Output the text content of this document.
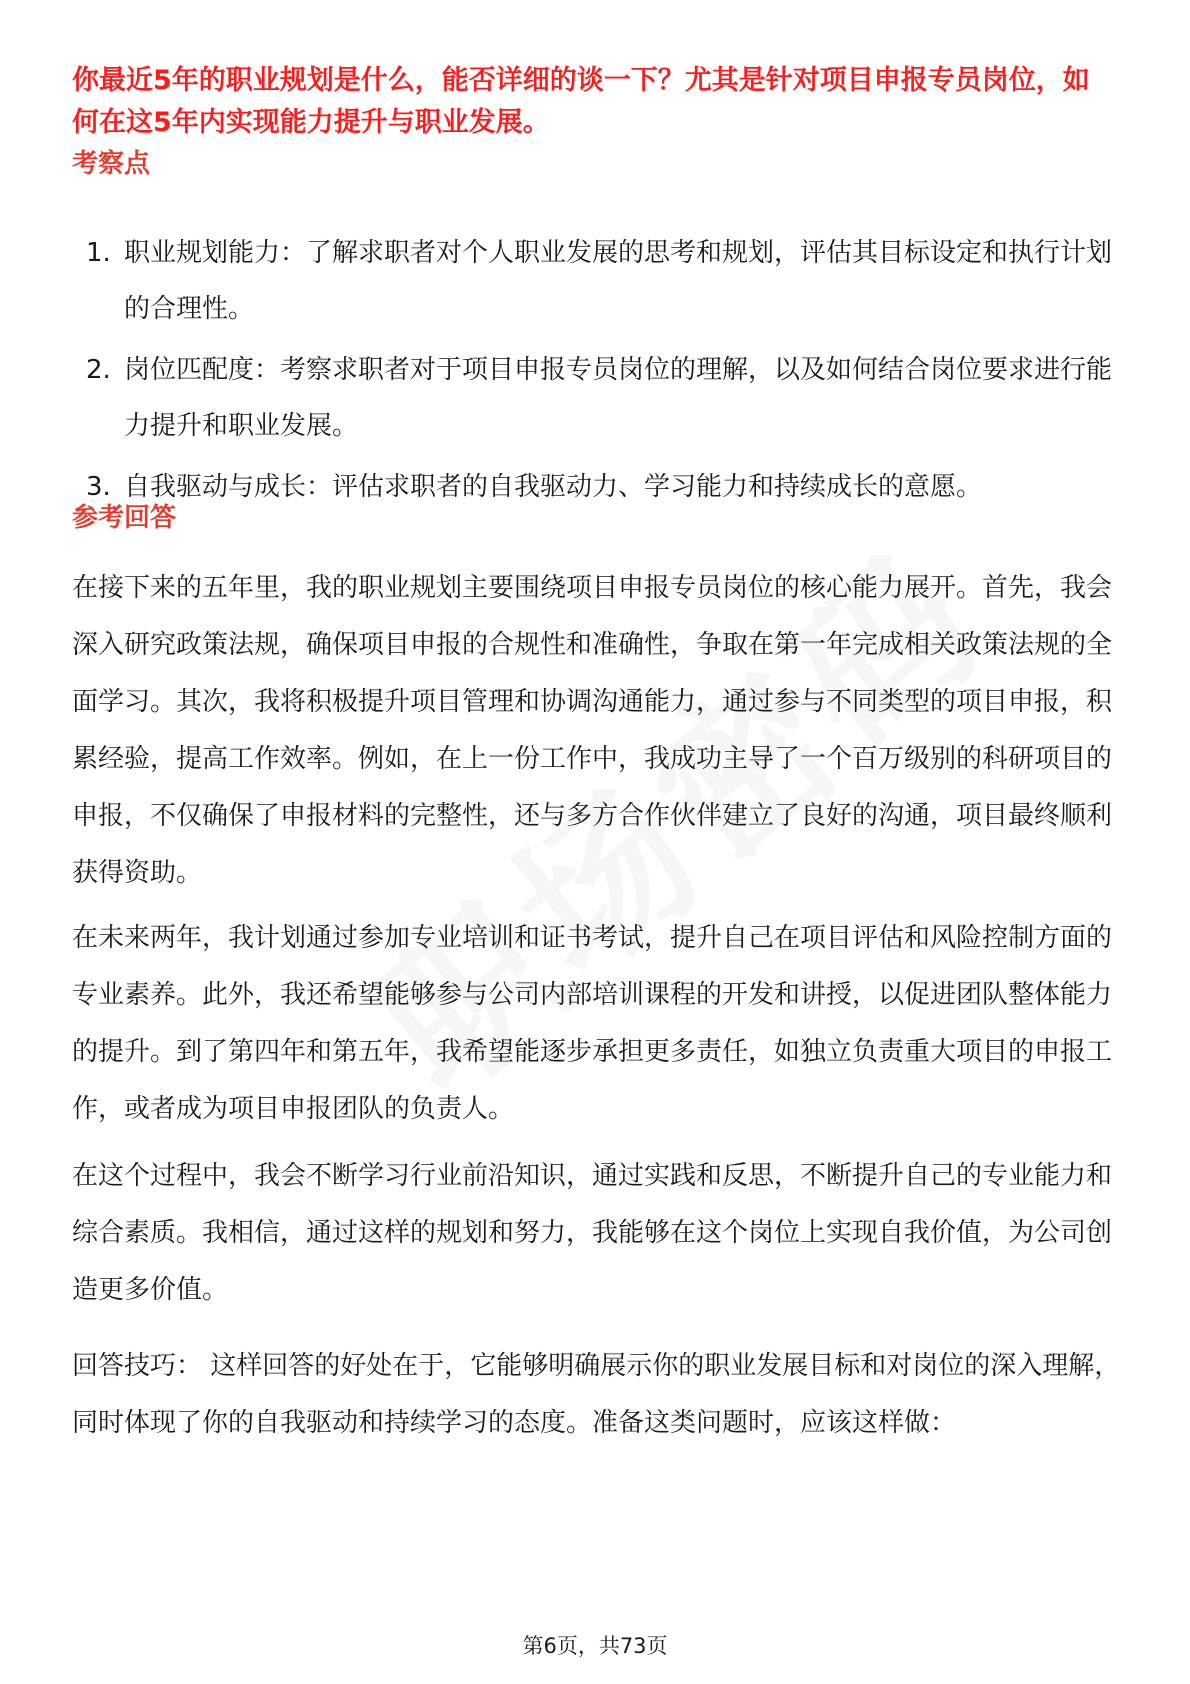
你最近5年的职业规划是什么，能否详细的谈一下？尤其是针对项目申报专员岗位，如何在这5年内实现能力提升与职业发展。

考察点

1. 职业规划能力：了解求职者对个人职业发展的思考和规划，评估其目标设定和执行计划的合理性。
2. 岗位匹配度：考察求职者对于项目申报专员岗位的理解，以及如何结合岗位要求进行能力提升和职业发展。
3. 自我驱动与成长：评估求职者的自我驱动力、学习能力和持续成长的意愿。

参考回答

在接下来的五年里，我的职业规划主要围绕项目申报专员岗位的核心能力展开。首先，我会深入研究政策法规，确保项目申报的合规性和准确性，争取在第一年完成相关政策法规的全面学习。其次，我将积极提升项目管理和协调沟通能力，通过参与不同类型的项目申报，积累经验，提高工作效率。例如，在上一份工作中，我成功主导了一个百万级别的科研项目的申报，不仅确保了申报材料的完整性，还与多方合作伙伴建立了良好的沟通，项目最终顺利获得资助。

在未来两年，我计划通过参加专业培训和证书考试，提升自己在项目评估和风险控制方面的专业素养。此外，我还希望能够参与公司内部培训课程的开发和讲授，以促进团队整体能力的提升。到了第四年和第五年，我希望能逐步承担更多责任，如独立负责重大项目的申报工作，或者成为项目申报团队的负责人。

在这个过程中，我会不断学习行业前沿知识，通过实践和反思，不断提升自己的专业能力和综合素质。我相信，通过这样的规划和努力，我能够在这个岗位上实现自我价值，为公司创造更多价值。

回答技巧： 这样回答的好处在于，它能够明确展示你的职业发展目标和对岗位的深入理解，同时体现了你的自我驱动和持续学习的态度。准备这类问题时，应该这样做：

第6页，共73页
